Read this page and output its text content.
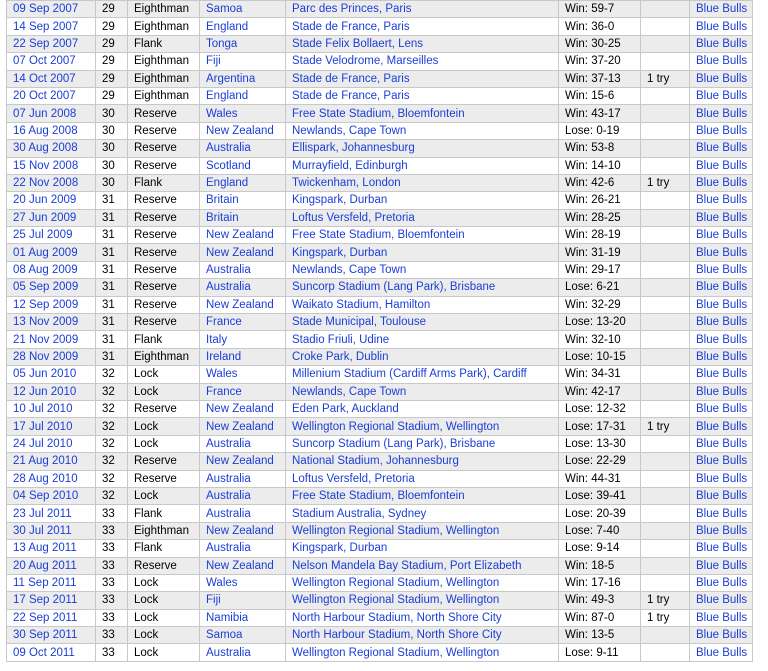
09 Sep 2007	29	Eighthman	Samoa	Parc des Princes, Paris	Win: 59-7		Blue Bulls
14 Sep 2007	29	Eighthman	England	Stade de France, Paris	Win: 36-0		Blue Bulls
22 Sep 2007	29	Flank	Tonga	Stade Felix Bollaert, Lens	Win: 30-25		Blue Bulls
07 Oct 2007	29	Eighthman	Fiji	Stade Velodrome, Marseilles	Win: 37-20		Blue Bulls
14 Oct 2007	29	Eighthman	Argentina	Stade de France, Paris	Win: 37-13	1 try	Blue Bulls
20 Oct 2007	29	Eighthman	England	Stade de France, Paris	Win: 15-6		Blue Bulls
07 Jun 2008	30	Reserve	Wales	Free State Stadium, Bloemfontein	Win: 43-17		Blue Bulls
16 Aug 2008	30	Reserve	New Zealand	Newlands, Cape Town	Lose: 0-19		Blue Bulls
30 Aug 2008	30	Reserve	Australia	Ellispark, Johannesburg	Win: 53-8		Blue Bulls
15 Nov 2008	30	Reserve	Scotland	Murrayfield, Edinburgh	Win: 14-10		Blue Bulls
22 Nov 2008	30	Flank	England	Twickenham, London	Win: 42-6	1 try	Blue Bulls
20 Jun 2009	31	Reserve	Britain	Kingspark, Durban	Win: 26-21		Blue Bulls
27 Jun 2009	31	Reserve	Britain	Loftus Versfeld, Pretoria	Win: 28-25		Blue Bulls
25 Jul 2009	31	Reserve	New Zealand	Free State Stadium, Bloemfontein	Win: 28-19		Blue Bulls
01 Aug 2009	31	Reserve	New Zealand	Kingspark, Durban	Win: 31-19		Blue Bulls
08 Aug 2009	31	Reserve	Australia	Newlands, Cape Town	Win: 29-17		Blue Bulls
05 Sep 2009	31	Reserve	Australia	Suncorp Stadium (Lang Park), Brisbane	Lose: 6-21		Blue Bulls
12 Sep 2009	31	Reserve	New Zealand	Waikato Stadium, Hamilton	Win: 32-29		Blue Bulls
13 Nov 2009	31	Reserve	France	Stade Municipal, Toulouse	Lose: 13-20		Blue Bulls
21 Nov 2009	31	Flank	Italy	Stadio Friuli, Udine	Win: 32-10		Blue Bulls
28 Nov 2009	31	Eighthman	Ireland	Croke Park, Dublin	Lose: 10-15		Blue Bulls
05 Jun 2010	32	Lock	Wales	Millenium Stadium (Cardiff Arms Park), Cardiff	Win: 34-31		Blue Bulls
12 Jun 2010	32	Lock	France	Newlands, Cape Town	Win: 42-17		Blue Bulls
10 Jul 2010	32	Reserve	New Zealand	Eden Park, Auckland	Lose: 12-32		Blue Bulls
17 Jul 2010	32	Lock	New Zealand	Wellington Regional Stadium, Wellington	Lose: 17-31	1 try	Blue Bulls
24 Jul 2010	32	Lock	Australia	Suncorp Stadium (Lang Park), Brisbane	Lose: 13-30		Blue Bulls
21 Aug 2010	32	Reserve	New Zealand	National Stadium, Johannesburg	Lose: 22-29		Blue Bulls
28 Aug 2010	32	Reserve	Australia	Loftus Versfeld, Pretoria	Win: 44-31		Blue Bulls
04 Sep 2010	32	Lock	Australia	Free State Stadium, Bloemfontein	Lose: 39-41		Blue Bulls
23 Jul 2011	33	Flank	Australia	Stadium Australia, Sydney	Lose: 20-39		Blue Bulls
30 Jul 2011	33	Eighthman	New Zealand	Wellington Regional Stadium, Wellington	Lose: 7-40		Blue Bulls
13 Aug 2011	33	Flank	Australia	Kingspark, Durban	Lose: 9-14		Blue Bulls
20 Aug 2011	33	Reserve	New Zealand	Nelson Mandela Bay Stadium, Port Elizabeth	Win: 18-5		Blue Bulls
11 Sep 2011	33	Lock	Wales	Wellington Regional Stadium, Wellington	Win: 17-16		Blue Bulls
17 Sep 2011	33	Lock	Fiji	Wellington Regional Stadium, Wellington	Win: 49-3	1 try	Blue Bulls
22 Sep 2011	33	Lock	Namibia	North Harbour Stadium, North Shore City	Win: 87-0	1 try	Blue Bulls
30 Sep 2011	33	Lock	Samoa	North Harbour Stadium, North Shore City	Win: 13-5		Blue Bulls
09 Oct 2011	33	Lock	Australia	Wellington Regional Stadium, Wellington	Lose: 9-11		Blue Bulls
